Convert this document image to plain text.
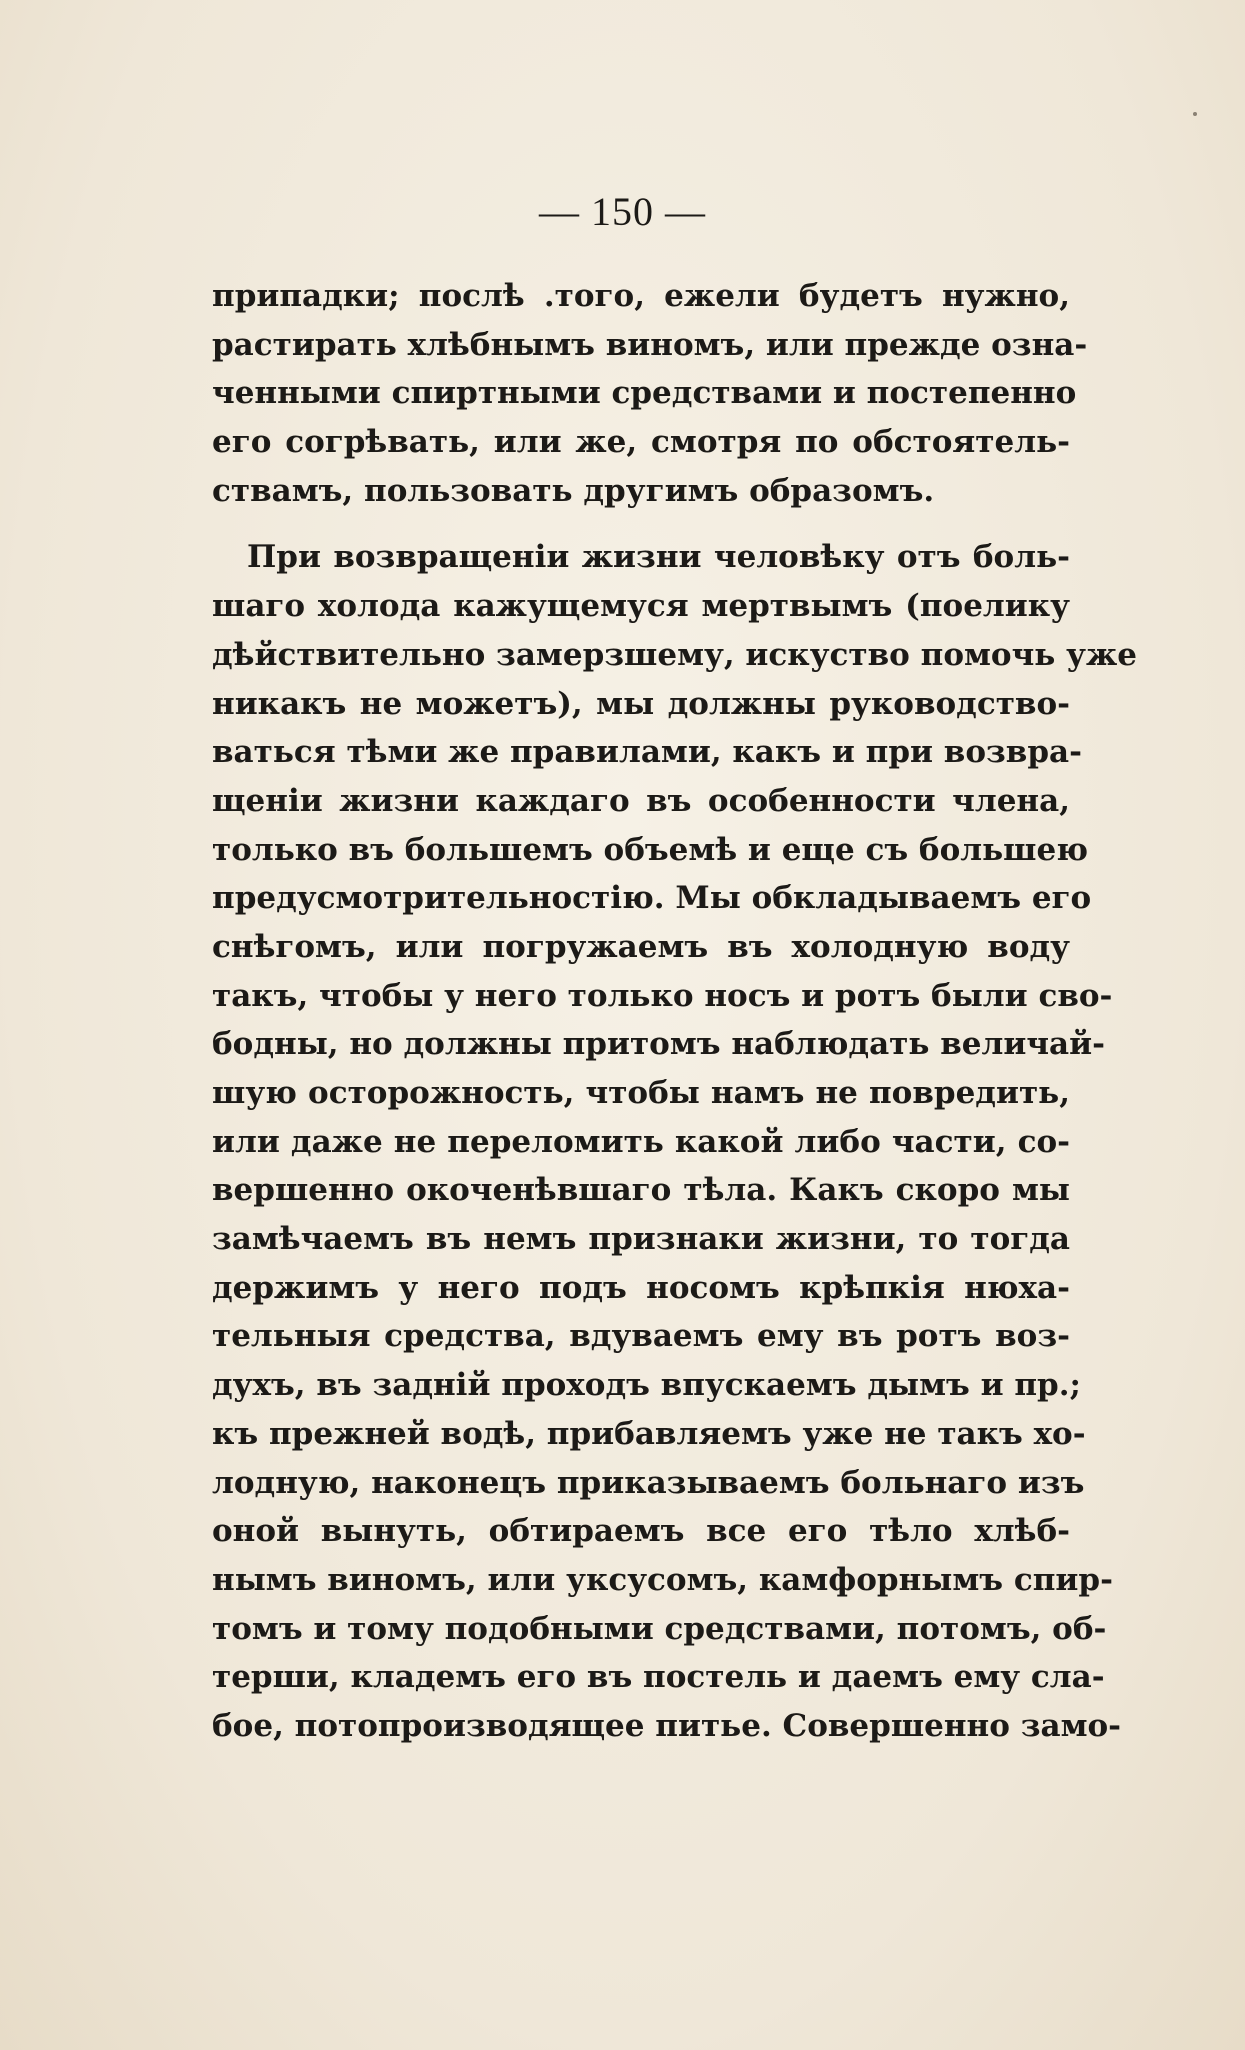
— 150 —
припадки; послѣ .того, ежели будетъ нужно,
растирать хлѣбнымъ виномъ, или прежде озна-
ченными спиртными средствами и постепенно
его согрѣвать, или же, смотря по обстоятель-
ствамъ, пользовать другимъ образомъ.
При возвращеніи жизни человѣку отъ боль-
шаго холода кажущемуся мертвымъ (поелику
дѣйствительно замерзшему, искуство помочь уже
никакъ не можетъ), мы должны руководство-
ваться тѣми же правилами, какъ и при возвра-
щеніи жизни каждаго въ особенности члена,
только въ большемъ объемѣ и еще съ большею
предусмотрительностію. Мы обкладываемъ его
снѣгомъ, или погружаемъ въ холодную воду
такъ, чтобы у него только носъ и ротъ были сво-
бодны, но должны притомъ наблюдать величай-
шую осторожность, чтобы намъ не повредить,
или даже не переломить какой либо части, со-
вершенно окоченѣвшаго тѣла. Какъ скоро мы
замѣчаемъ въ немъ признаки жизни, то тогда
держимъ у него подъ носомъ крѣпкія нюха-
тельныя средства, вдуваемъ ему въ ротъ воз-
духъ, въ задній проходъ впускаемъ дымъ и пр.;
къ прежней водѣ, прибавляемъ уже не такъ хо-
лодную, наконецъ приказываемъ больнаго изъ
оной вынуть, обтираемъ все его тѣло хлѣб-
нымъ виномъ, или уксусомъ, камфорнымъ спир-
томъ и тому подобными средствами, потомъ, об-
терши, кладемъ его въ постель и даемъ ему сла-
бое, потопроизводящее питье. Совершенно замо-
